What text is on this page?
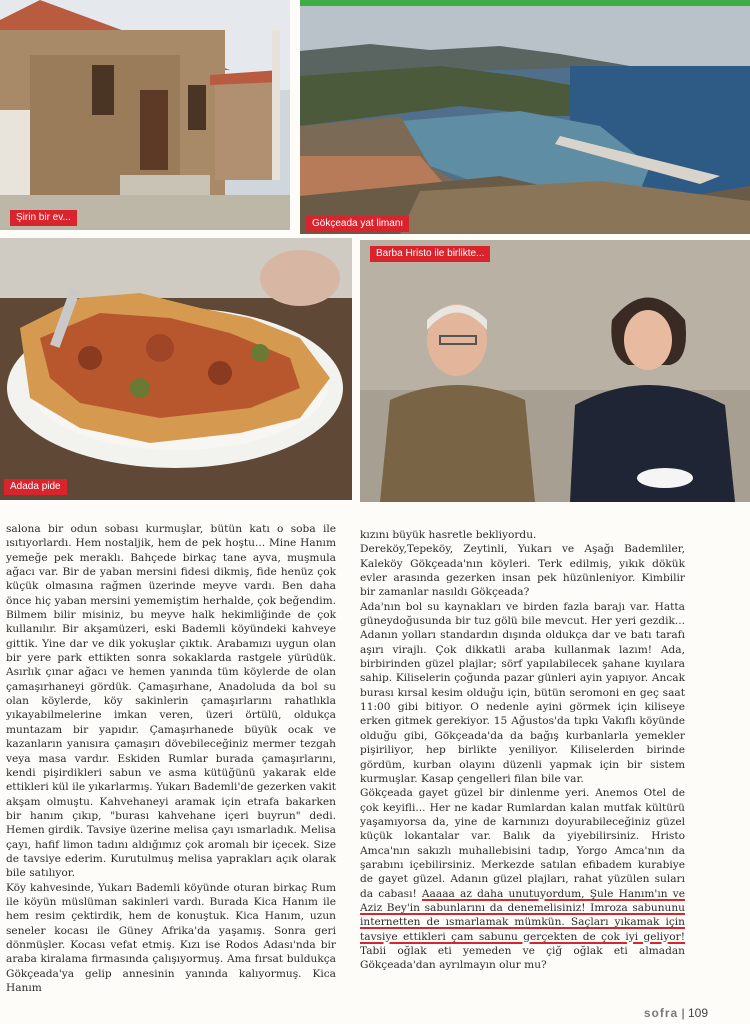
Şirin bir ev...
Gökçeada yat limanı
Adada pide
Barba Hristo ile birlikte...

salona bir odun sobası kurmuşlar, bütün katı o soba ile ısıtıyorlardı. Hem nostaljik, hem de pek hoştu... Mine Hanım yemeğe pek meraklı. Bahçede birkaç tane ayva, muşmula ağacı var. Bir de yaban mersini fidesi dikmiş, fide henüz çok küçük olmasına rağmen üzerinde meyve vardı. Ben daha önce hiç yaban mersini yememiştim herhalde, çok beğendim. Bilmem bilir misiniz, bu meyve halk hekimliğinde de çok kullanılır. Bir akşamüzeri, eski Bademli köyündeki kahveye gittik. Yine dar ve dik yokuşlar çıktık. Arabamızı uygun olan bir yere park ettikten sonra sokaklarda rastgele yürüdük. Asırlık çınar ağacı ve hemen yanında tüm köylerde de olan çamaşırhaneyi gördük. Çamaşırhane, Anadoluda da bol su olan köylerde, köy sakinlerin çamaşırlarını rahatlıkla yıkayabilmelerine imkan veren, üzeri örtülü, oldukça muntazam bir yapıdır. Çamaşırhanede büyük ocak ve kazanların yanısıra çamaşırı dövebileceğiniz mermer tezgah veya masa vardır. Eskiden Rumlar burada çamaşırlarını, kendi pişirdikleri sabun ve asma kütüğünü yakarak elde ettikleri kül ile yıkarlarmış. Yukarı Bademli'de gezerken vakit akşam olmuştu. Kahvehaneyi aramak için etrafa bakarken bir hanım çıkıp, "burası kahvehane içeri buyrun" dedi. Hemen girdik. Tavsiye üzerine melisa çayı ısmarladık. Melisa çayı, hafif limon tadını aldığımız çok aromalı bir içecek. Size de tavsiye ederim. Kurutulmuş melisa yaprakları açık olarak bile satılıyor.

Köy kahvesinde, Yukarı Bademli köyünde oturan birkaç Rum ile köyün müslüman sakinleri vardı. Burada Kica Hanım ile hem resim çektirdik, hem de konuştuk. Kica Hanım, uzun seneler kocası ile Güney Afrika'da yaşamış. Sonra geri dönmüşler. Kocası vefat etmiş. Kızı ise Rodos Adası'nda bir araba kiralama firmasında çalışıyormuş. Ama fırsat buldukça Gökçeada'ya gelip annesinin yanında kalıyormuş. Kica Hanım

kızını büyük hasretle bekliyordu.

Dereköy,Tepeköy, Zeytinli, Yukarı ve Aşağı Bademliler, Kaleköy Gökçeada'nın köyleri. Terk edilmiş, yıkık dökük evler arasında gezerken insan pek hüzünleniyor. Kimbilir bir zamanlar nasıldı Gökçeada?

Ada'nın bol su kaynakları ve birden fazla barajı var. Hatta güneydoğusunda bir tuz gölü bile mevcut. Her yeri gezdik... Adanın yolları standardın dışında oldukça dar ve batı tarafı aşırı virajlı. Çok dikkatli araba kullanmak lazım! Ada, birbirinden güzel plajlar; sörf yapılabilecek şahane kıyılara sahip. Kiliselerin çoğunda pazar günleri ayin yapıyor. Ancak burası kırsal kesim olduğu için, bütün seromoni en geç saat 11:00 gibi bitiyor. O nedenle ayini görmek için kiliseye erken gitmek gerekiyor. 15 Ağustos'da tıpkı Vakıflı köyünde olduğu gibi, Gökçeada'da da bağış kurbanlarla yemekler pişiriliyor, hep birlikte yeniliyor. Kiliselerden birinde gördüm, kurban olayını düzenli yapmak için bir sistem kurmuşlar. Kasap çengelleri filan bile var.

Gökçeada gayet güzel bir dinlenme yeri. Anemos Otel de çok keyifli... Her ne kadar Rumlardan kalan mutfak kültürü yaşamıyorsa da, yine de karnınızı doyurabileceğiniz güzel küçük lokantalar var. Balık da yiyebilirsiniz. Hristo Amca'nın sakızlı muhallebisini tadıp, Yorgo Amca'nın da şarabını içebilirsiniz. Merkezde satılan efibadem kurabiye de gayet güzel. Adanın güzel plajları, rahat yüzülen suları da cabası! Aaaaa az daha unutuyordum, Şule Hanım'ın ve Aziz Bey'in sabunlarını da denemelisiniz! Imroza sabununu internetten de ısmarlamak mümkün. Saçları yıkamak için tavsiye ettikleri çam sabunu gerçekten de çok iyi geliyor! Tabii oğlak eti yemeden ve çiğ oğlak eti almadan Gökçeada'dan ayrılmayın olur mu?

sofra | 109
